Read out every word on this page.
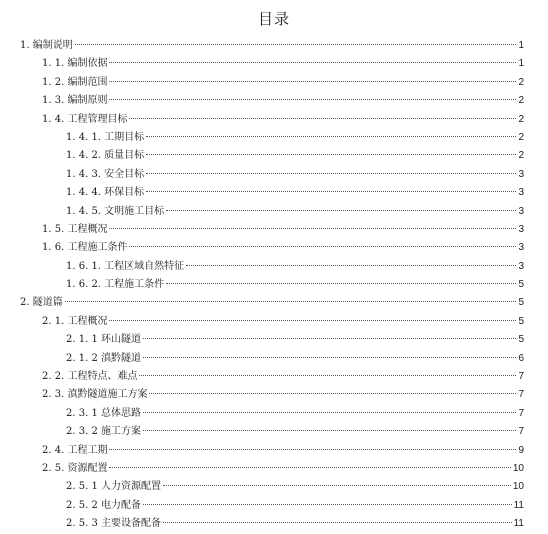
目录
1. 编制说明	1
1. 1. 编制依据	1
1. 2. 编制范围	2
1. 3. 编制原则	2
1. 4. 工程管理目标	2
1. 4. 1. 工期目标	2
1. 4. 2. 质量目标	2
1. 4. 3. 安全目标	3
1. 4. 4. 环保目标	3
1. 4. 5. 文明施工目标	3
1. 5. 工程概况	3
1. 6. 工程施工条件	3
1. 6. 1. 工程区域自然特征	3
1. 6. 2. 工程施工条件	5
2. 隧道篇	5
2. 1. 工程概况	5
2. 1. 1 环山隧道	5
2. 1. 2 滇黔隧道	6
2. 2. 工程特点、难点	7
2. 3. 滇黔隧道施工方案	7
2. 3. 1 总体思路	7
2. 3. 2 施工方案	7
2. 4. 工程工期	9
2. 5. 资源配置	10
2. 5. 1 人力资源配置	10
2. 5. 2 电力配备	11
2. 5. 3 主要设备配备	11
